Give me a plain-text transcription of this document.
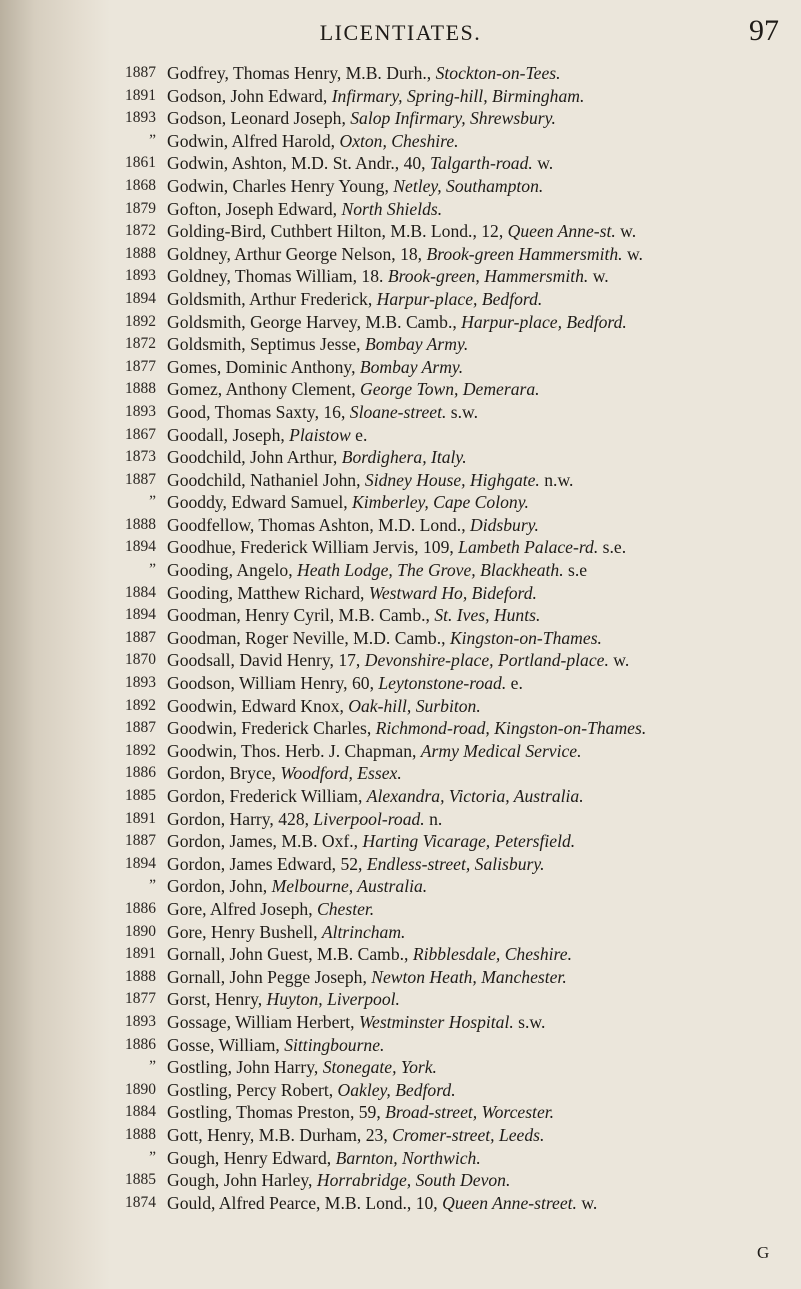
LICENTIATES.	97
1887
1891
1893
”
1861
1868
1879
1872
1888
1893
1894
1892
1872
1877
1888
1893
1867
1873
1887
”
1888
1894
”
1884
1894
1887
1870
1893
1892
1887
1892
1886
1885
1891
1887
1894
”
1886
1890
1891
1888
1877
1893
1886
”
1890
1884
1888
”
1885
1874
Godfrey, Thomas Henry, M.B. Durh., Stockton-on-Tees.
Godson, John Edward, Infirmary, Spring-hill, Birmingham.
Godson, Leonard Joseph, Salop Infirmary, Shrewsbury.
Godwin, Alfred Harold, Oxton, Cheshire.
Godwin, Ashton, M.D. St. Andr., 40, Talgarth-road. w.
Godwin, Charles Henry Young, Netley, Southampton.
Gofton, Joseph Edward, North Shields.
Golding-Bird, Cuthbert Hilton, M.B. Lond., 12, Queen Anne-st. w.
Goldney, Arthur George Nelson, 18, Brook-green Hammersmith. w.
Goldney, Thomas William, 18. Brook-green, Hammersmith. w.
Goldsmith, Arthur Frederick, Harpur-place, Bedford.
Goldsmith, George Harvey, M.B. Camb., Harpur-place, Bedford.
Goldsmith, Septimus Jesse, Bombay Army.
Gomes, Dominic Anthony, Bombay Army.
Gomez, Anthony Clement, George Town, Demerara.
Good, Thomas Saxty, 16, Sloane-street. s.w.
Goodall, Joseph, Plaistow e.
Goodchild, John Arthur, Bordighera, Italy.
Goodchild, Nathaniel John, Sidney House, Highgate. n.w.
Gooddy, Edward Samuel, Kimberley, Cape Colony.
Goodfellow, Thomas Ashton, M.D. Lond., Didsbury.
Goodhue, Frederick William Jervis, 109, Lambeth Palace-rd. s.e.
Gooding, Angelo, Heath Lodge, The Grove, Blackheath. s.e
Gooding, Matthew Richard, Westward Ho, Bideford.
Goodman, Henry Cyril, M.B. Camb., St. Ives, Hunts.
Goodman, Roger Neville, M.D. Camb., Kingston-on-Thames.
Goodsall, David Henry, 17, Devonshire-place, Portland-place. w.
Goodson, William Henry, 60, Leytonstone-road. e.
Goodwin, Edward Knox, Oak-hill, Surbiton.
Goodwin, Frederick Charles, Richmond-road, Kingston-on-Thames.
Goodwin, Thos. Herb. J. Chapman, Army Medical Service.
Gordon, Bryce, Woodford, Essex.
Gordon, Frederick William, Alexandra, Victoria, Australia.
Gordon, Harry, 428, Liverpool-road. n.
Gordon, James, M.B. Oxf., Harting Vicarage, Petersfield.
Gordon, James Edward, 52, Endless-street, Salisbury.
Gordon, John, Melbourne, Australia.
Gore, Alfred Joseph, Chester.
Gore, Henry Bushell, Altrincham.
Gornall, John Guest, M.B. Camb., Ribblesdale, Cheshire.
Gornall, John Pegge Joseph, Newton Heath, Manchester.
Gorst, Henry, Huyton, Liverpool.
Gossage, William Herbert, Westminster Hospital. s.w.
Gosse, William, Sittingbourne.
Gostling, John Harry, Stonegate, York.
Gostling, Percy Robert, Oakley, Bedford.
Gostling, Thomas Preston, 59, Broad-street, Worcester.
Gott, Henry, M.B. Durham, 23, Cromer-street, Leeds.
Gough, Henry Edward, Barnton, Northwich.
Gough, John Harley, Horrabridge, South Devon.
Gould, Alfred Pearce, M.B. Lond., 10, Queen Anne-street. w.
G
